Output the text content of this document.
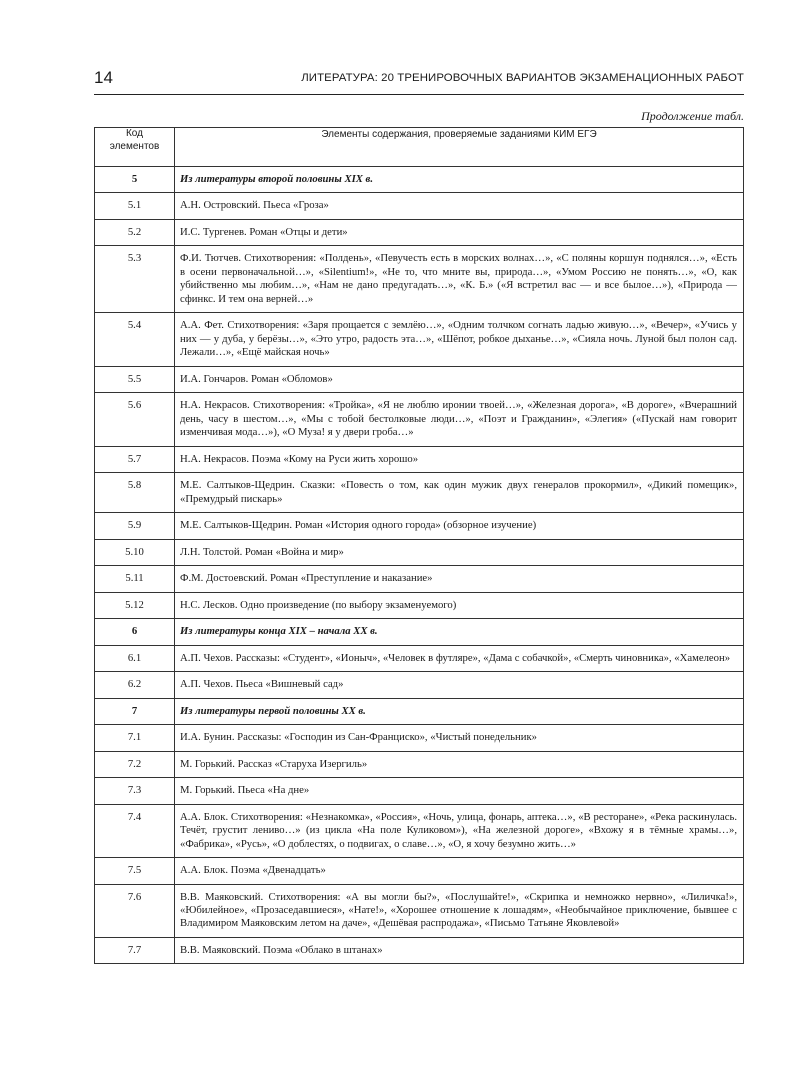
14	ЛИТЕРАТУРА: 20 ТРЕНИРОВОЧНЫХ ВАРИАНТОВ ЭКЗАМЕНАЦИОННЫХ РАБОТ
Продолжение табл.
Код
элементов	Элементы содержания, проверяемые заданиями КИМ ЕГЭ
5	Из литературы второй половины XIX в.
5.1	А.Н. Островский. Пьеса «Гроза»
5.2	И.С. Тургенев. Роман «Отцы и дети»
5.3	Ф.И. Тютчев. Стихотворения: «Полдень», «Певучесть есть в морских волнах…», «С поляны коршун поднялся…», «Есть в осени первоначальной…», «Silentium!», «Не то, что мните вы, природа…», «Умом Россию не понять…», «О, как убийственно мы любим…», «Нам не дано предугадать…», «К. Б.» («Я встретил вас — и все былое…»), «Природа — сфинкс. И тем она верней…»
5.4	А.А. Фет. Стихотворения: «Заря прощается с землёю…», «Одним толчком согнать ладью живую…», «Вечер», «Учись у них — у дуба, у берёзы…», «Это утро, радость эта…», «Шёпот, робкое дыханье…», «Сияла ночь. Луной был полон сад. Лежали…», «Ещё майская ночь»
5.5	И.А. Гончаров. Роман «Обломов»
5.6	Н.А. Некрасов. Стихотворения: «Тройка», «Я не люблю иронии твоей…», «Железная дорога», «В дороге», «Вчерашний день, часу в шестом…», «Мы с тобой бестолковые люди…», «Поэт и Гражданин», «Элегия» («Пускай нам говорит изменчивая мода…»), «О Муза! я у двери гроба…»
5.7	Н.А. Некрасов. Поэма «Кому на Руси жить хорошо»
5.8	М.Е. Салтыков-Щедрин. Сказки: «Повесть о том, как один мужик двух генералов прокормил», «Дикий помещик», «Премудрый пискарь»
5.9	М.Е. Салтыков-Щедрин. Роман «История одного города» (обзорное изучение)
5.10	Л.Н. Толстой. Роман «Война и мир»
5.11	Ф.М. Достоевский. Роман «Преступление и наказание»
5.12	Н.С. Лесков. Одно произведение (по выбору экзаменуемого)
6	Из литературы конца XIX – начала XX в.
6.1	А.П. Чехов. Рассказы: «Студент», «Ионыч», «Человек в футляре», «Дама с собачкой», «Смерть чиновника», «Хамелеон»
6.2	А.П. Чехов. Пьеса «Вишневый сад»
7	Из литературы первой половины XX в.
7.1	И.А. Бунин. Рассказы: «Господин из Сан-Франциско», «Чистый понедельник»
7.2	М. Горький. Рассказ «Старуха Изергиль»
7.3	М. Горький. Пьеса «На дне»
7.4	А.А. Блок. Стихотворения: «Незнакомка», «Россия», «Ночь, улица, фонарь, аптека…», «В ресторане», «Река раскинулась. Течёт, грустит лениво…» (из цикла «На поле Куликовом»), «На железной дороге», «Вхожу я в тёмные храмы…», «Фабрика», «Русь», «О доблестях, о подвигах, о славе…», «О, я хочу безумно жить…»
7.5	А.А. Блок. Поэма «Двенадцать»
7.6	В.В. Маяковский. Стихотворения: «А вы могли бы?», «Послушайте!», «Скрипка и немножко нервно», «Лиличка!», «Юбилейное», «Прозаседавшиеся», «Нате!», «Хорошее отношение к лошадям», «Необычайное приключение, бывшее с Владимиром Маяковским летом на даче», «Дешёвая распродажа», «Письмо Татьяне Яковлевой»
7.7	В.В. Маяковский. Поэма «Облако в штанах»
